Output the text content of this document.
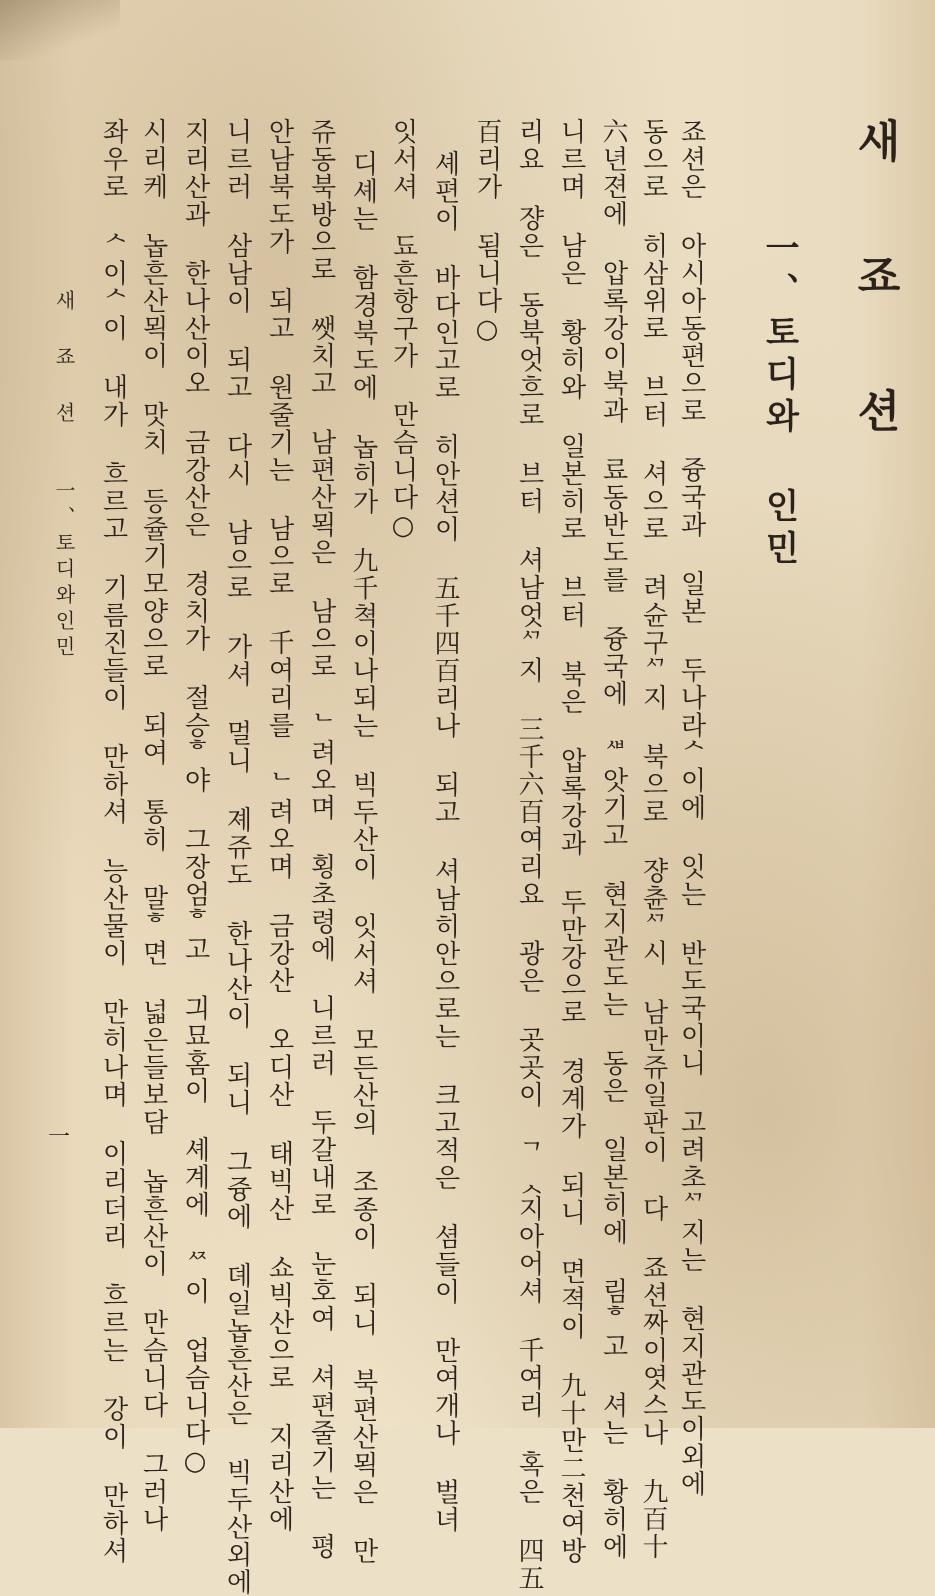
새 죠 션
一、토디와 인민
죠션은 아시아동편으로 즁국과 일본 두나라ᄉ이에 잇는 반도국이니 고려초ᄭ지는 현지관도이외에
동으로 히삼위로 브터 셔으로 려슌구ᄭ지 북으로 쟝츈ᄭ시 남만쥬일판이 다 죠션짜이엿스나 九百十
六년젼에 압록강이북과 료동반도를 즁국에 ᄲ앗기고 현지관도는 동은 일본히에 림ᄒ고 셔는 황히에
니르며 남은 황히와 일본히로 브터 북은 압록강과 두만강으로 경계가 되니 면젹이 九十만二천여방
리요 쟝은 동북엇흐로 브터 셔남엇ᄭ지 三千六百여리요 광은 곳곳이 ᄀᆺ지아어셔 千여리 혹은 四五
百리가 됨니다○
셰편이 바다인고로 히안션이 五千四百리나 되고 셔남히안으로는 크고적은 셤들이 만여개나 벌녀
잇서셔 됴흔항구가 만슴니다○
디셰는 함경북도에 놉히가 九千쳑이나되는 빅두산이 잇서셔 모든산의 조종이 되니 북편산뫽은 만
쥬동북방으로 쌧치고 남편산뫽은 남으로 ᄂ려오며 횡초령에 니르러 두갈내로 눈호여 셔편줄기는 평
안남북도가 되고 원줄기는 남으로 千여리를 ᄂ려오며 금강산 오디산 태빅산 쇼빅산으로 지리산에
니르러 삼남이 되고 다시 남으로 가셔 멀니 졔쥬도 한나산이 되니 그즁에 뎨일놉흔산은 빅두산외에
지리산과 한나산이오 금강산은 경치가 절승ᄒ야 그장엄ᄒ고 긔묘홈이 셰계에 ᄶ이 업슴니다○
시리케 놉흔산뫽이 맛치 등쥴기모양으로 되여 통히 말ᄒ면 넓은들보담 놉흔산이 만슴니다 그러나
좌우로 ᄉ이ᄉ이 내가 흐르고 기름진들이 만하셔 능산물이 만히나며 이리더리 흐르는 강이 만하셔
새 죠 션
一、토디와인민
一
